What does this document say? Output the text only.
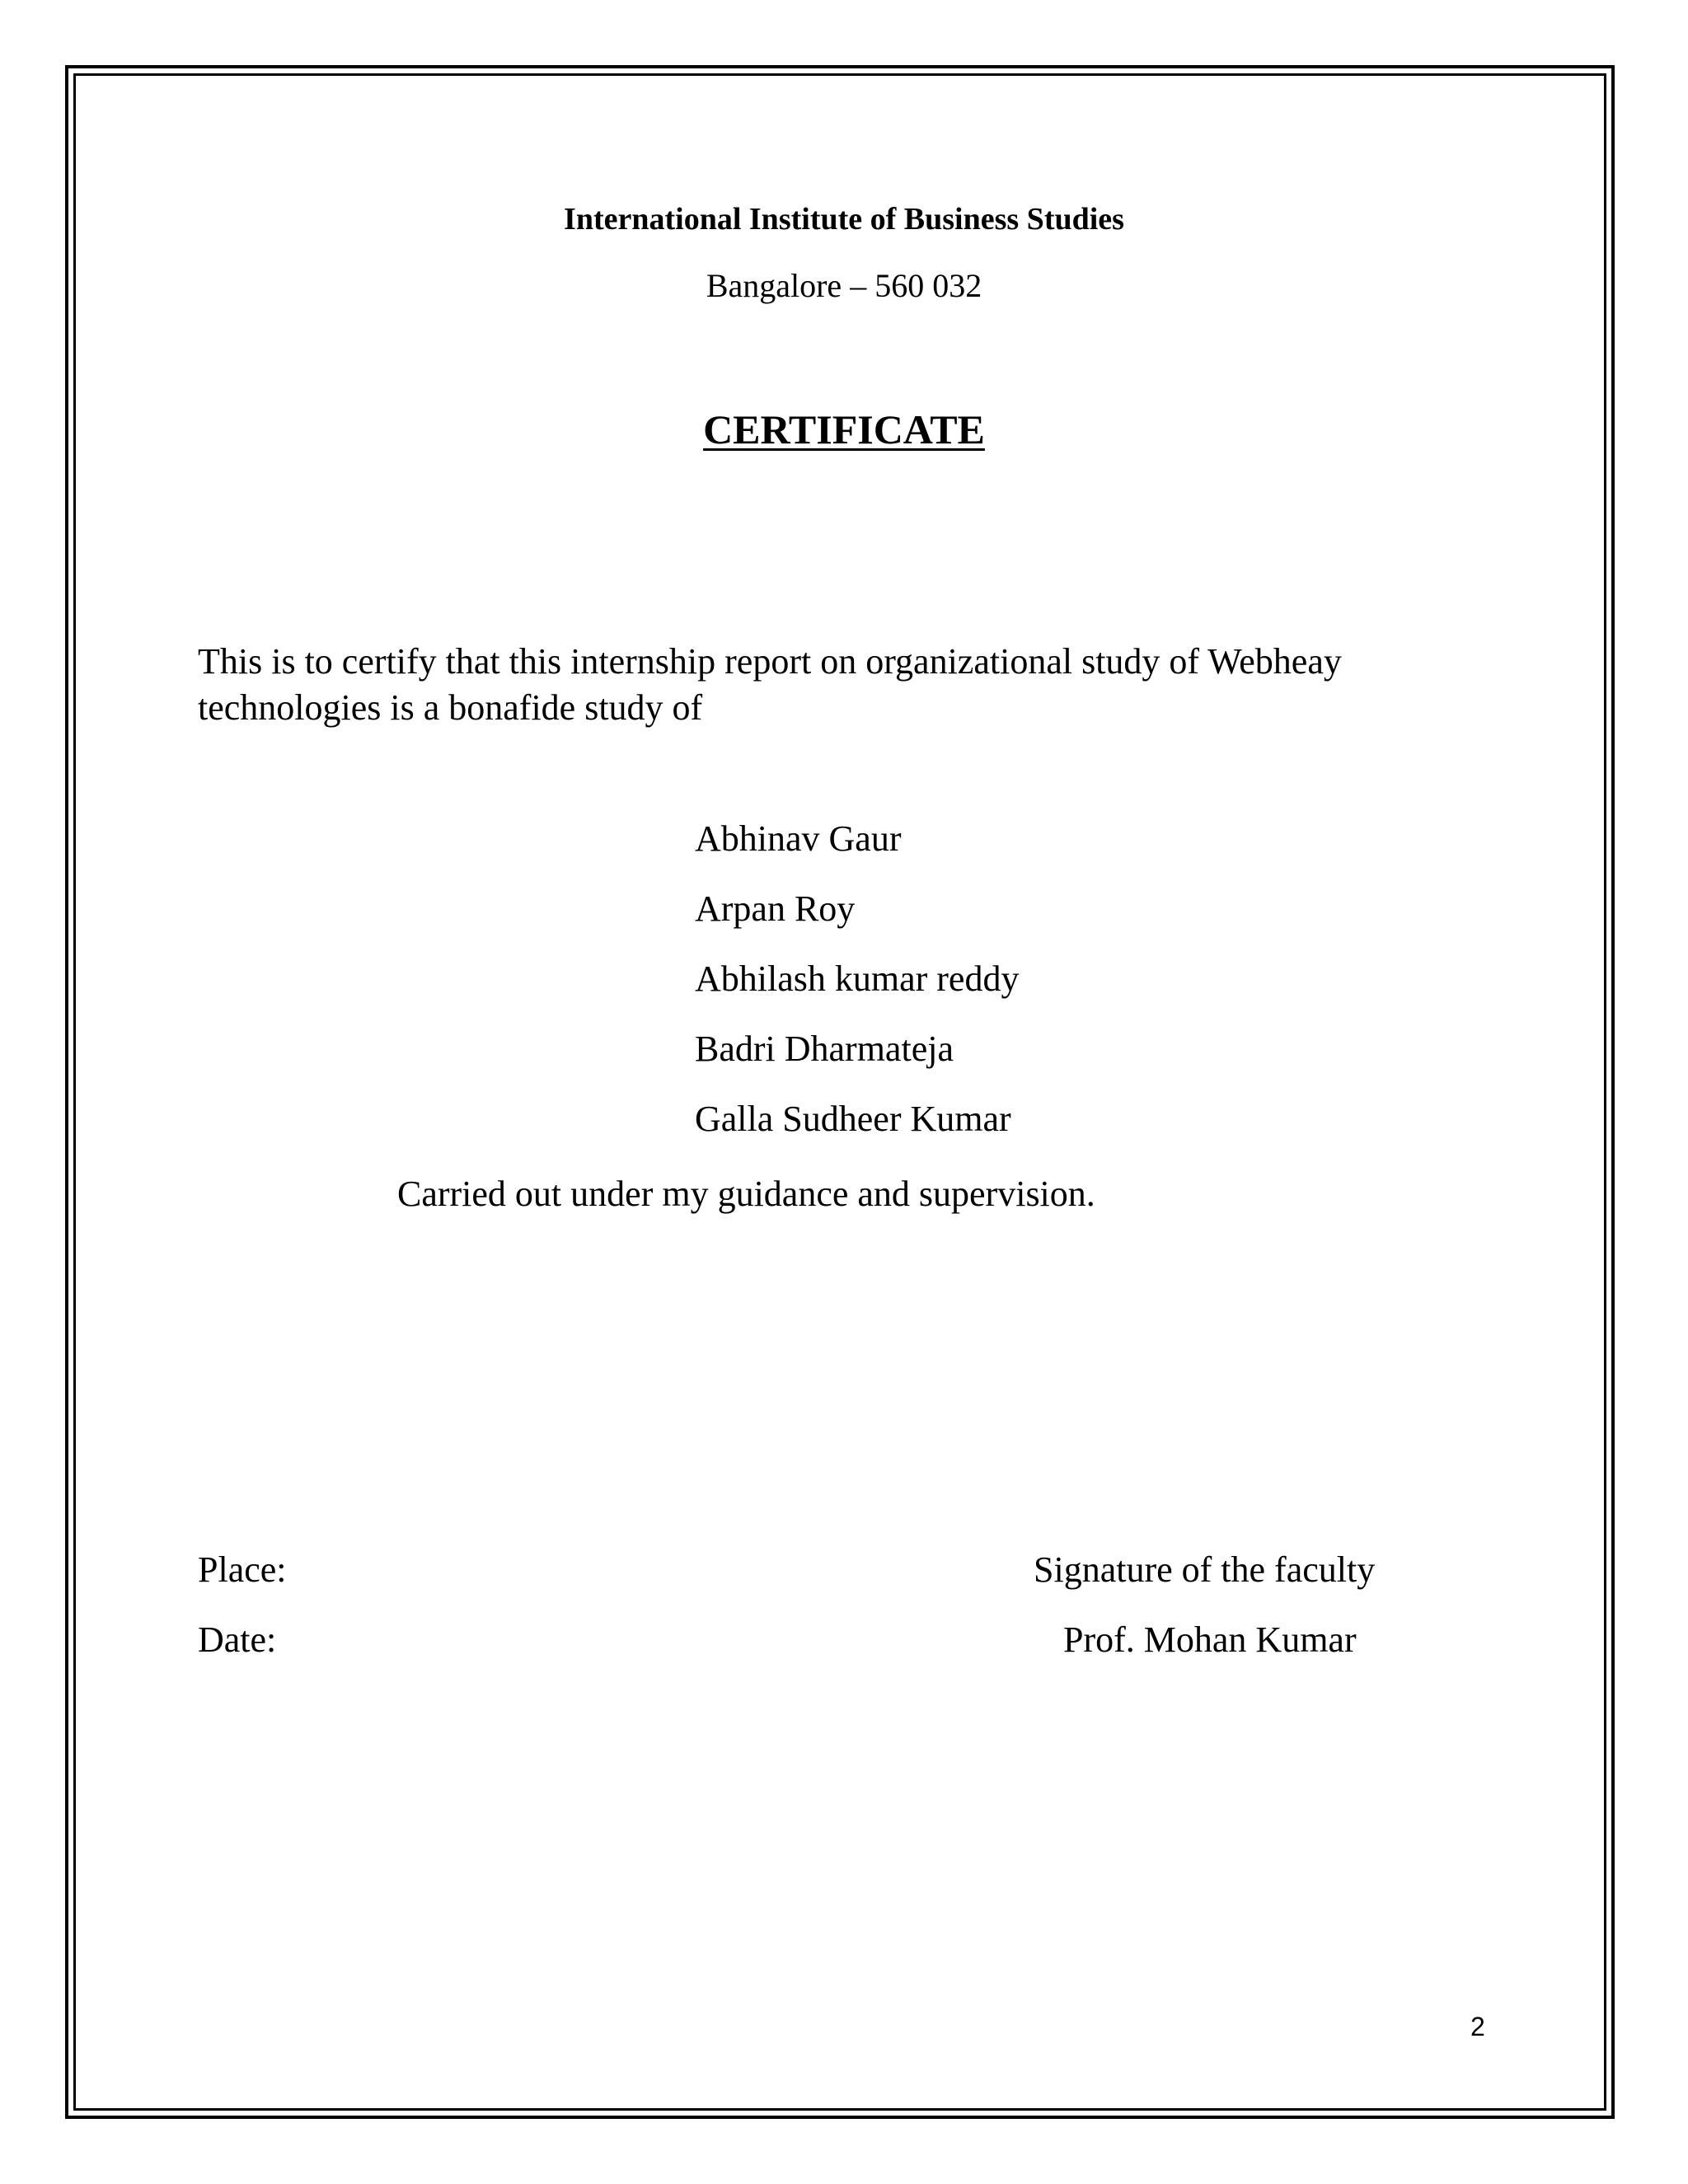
International Institute of Business Studies
Bangalore – 560 032
CERTIFICATE
This is to certify that this internship report on organizational study of Webheay technologies is a bonafide study of
Abhinav Gaur
Arpan Roy
Abhilash kumar reddy
Badri Dharmateja
Galla Sudheer Kumar
Carried out under my guidance and supervision.
Place:
Date:
Signature of the faculty
Prof. Mohan Kumar
2
